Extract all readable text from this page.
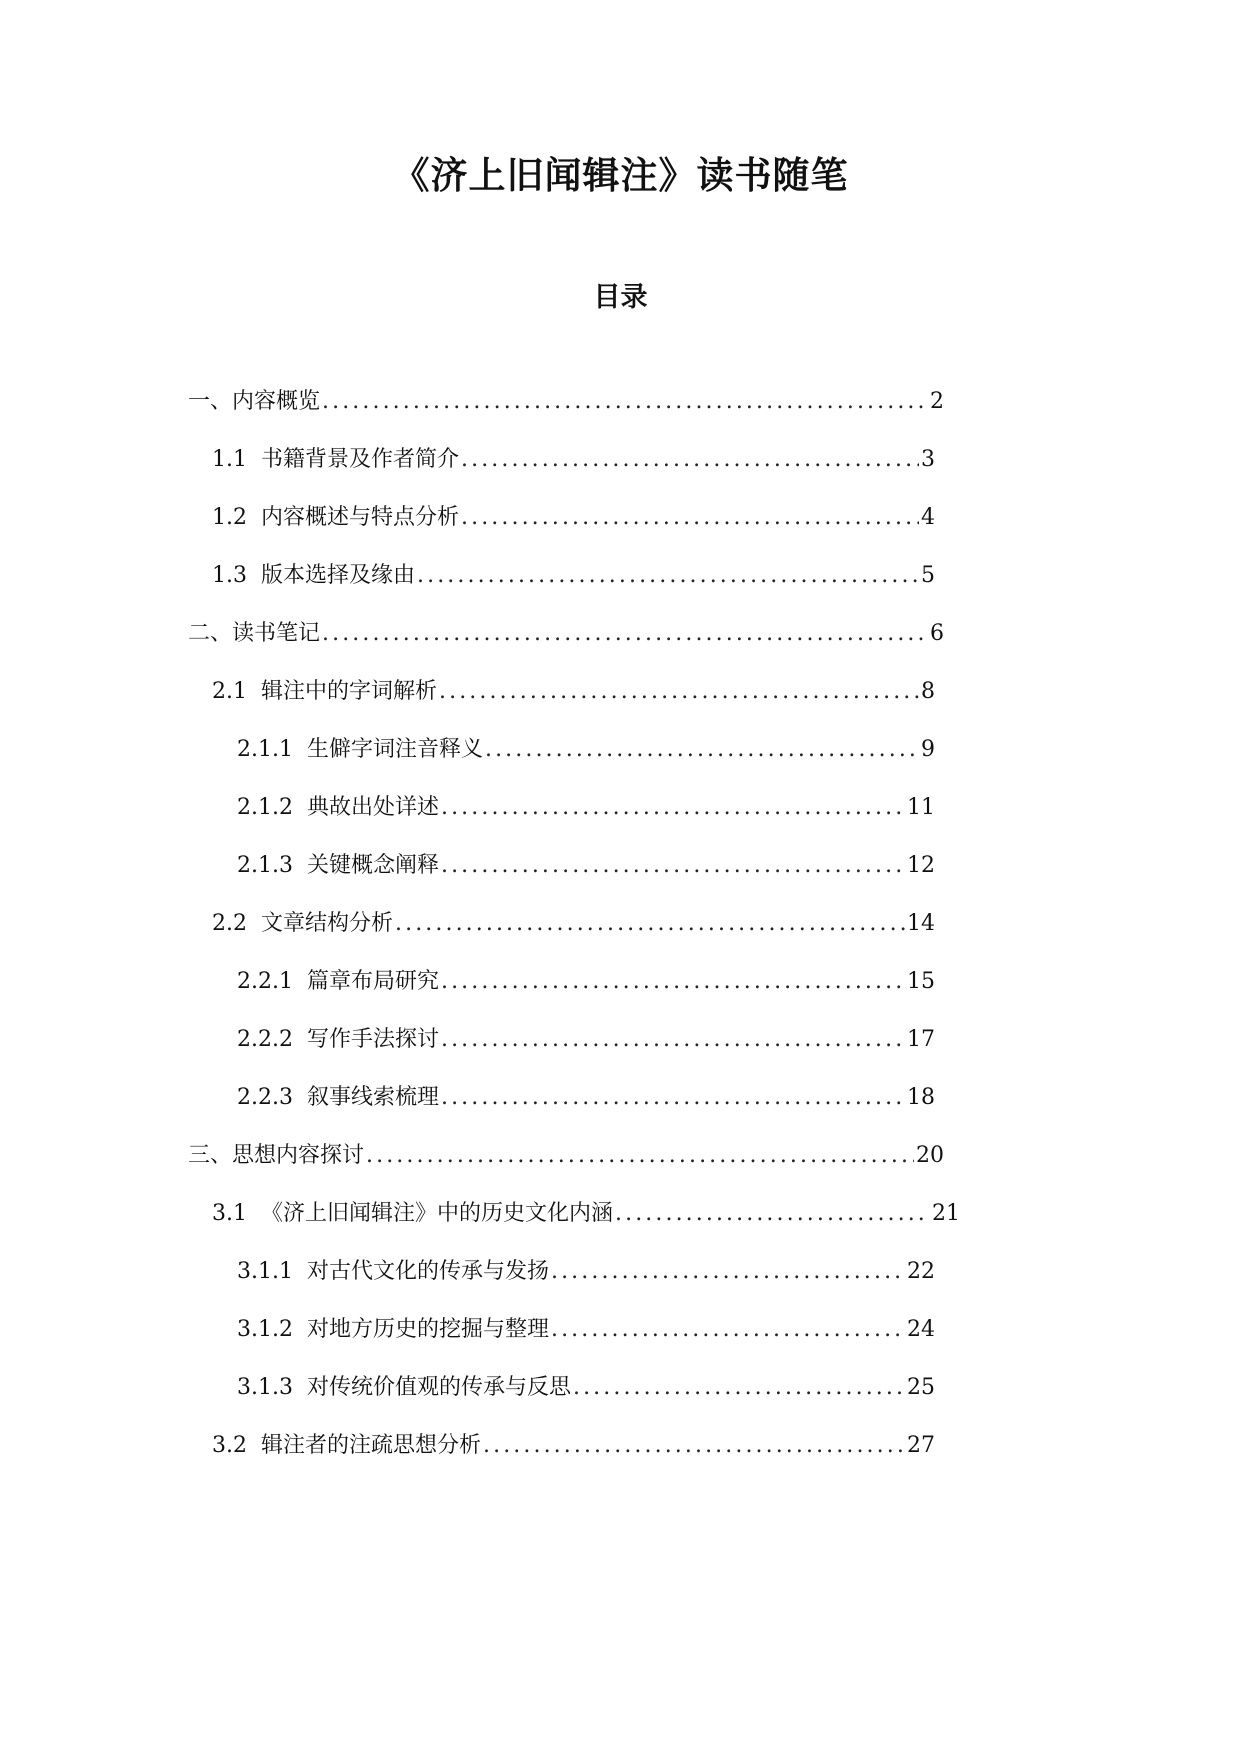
《济上旧闻辑注》读书随笔
目录
一、内容概览 .....	2
1.1 书籍背景及作者简介 .....	3
1.2 内容概述与特点分析 .....	4
1.3 版本选择及缘由 .....	5
二、读书笔记 .....	6
2.1 辑注中的字词解析 .....	8
2.1.1 生僻字词注音释义 .....	9
2.1.2 典故出处详述 .....	11
2.1.3 关键概念阐释 .....	12
2.2 文章结构分析 .....	14
2.2.1 篇章布局研究 .....	15
2.2.2 写作手法探讨 .....	17
2.2.3 叙事线索梳理 .....	18
三、思想内容探讨 .....	20
3.1 《济上旧闻辑注》中的历史文化内涵 .....	21
3.1.1 对古代文化的传承与发扬 .....	22
3.1.2 对地方历史的挖掘与整理 .....	24
3.1.3 对传统价值观的传承与反思 .....	25
3.2 辑注者的注疏思想分析 .....	27
